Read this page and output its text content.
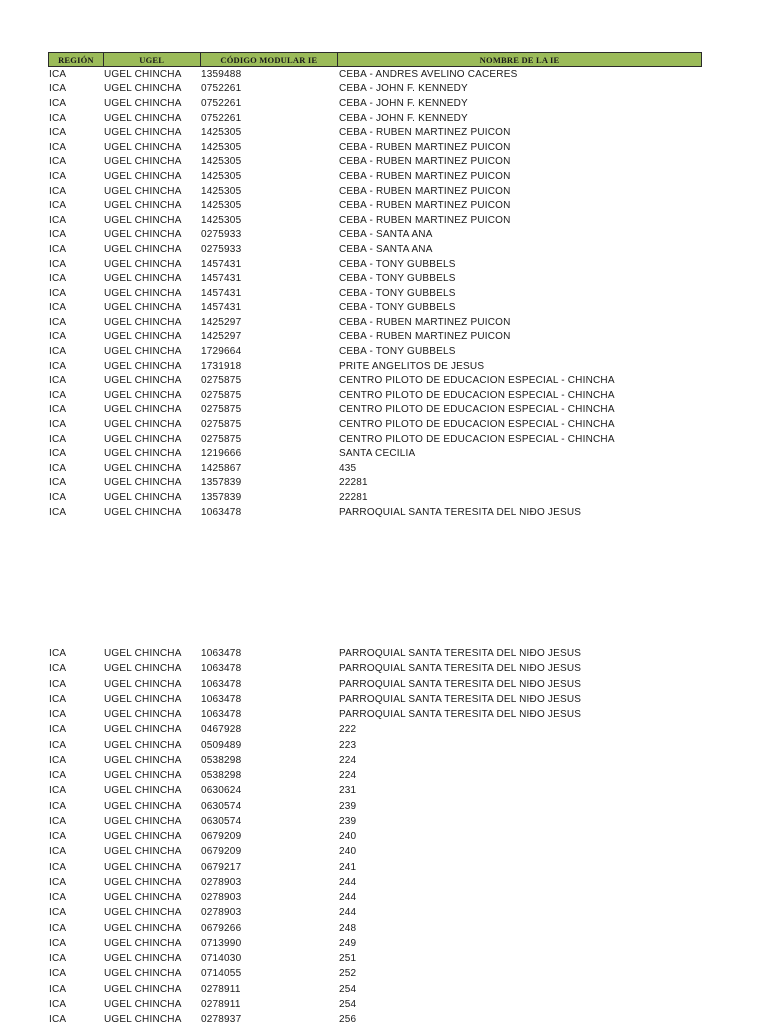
REGIÓN	UGEL	CÓDIGO MODULAR IE	NOMBRE DE LA IE
ICA	UGEL CHINCHA	1359488	CEBA - ANDRES AVELINO CACERES
ICA	UGEL CHINCHA	0752261	CEBA - JOHN F. KENNEDY
ICA	UGEL CHINCHA	0752261	CEBA - JOHN F. KENNEDY
ICA	UGEL CHINCHA	0752261	CEBA - JOHN F. KENNEDY
ICA	UGEL CHINCHA	1425305	CEBA - RUBEN MARTINEZ PUICON
ICA	UGEL CHINCHA	1425305	CEBA - RUBEN MARTINEZ PUICON
ICA	UGEL CHINCHA	1425305	CEBA - RUBEN MARTINEZ PUICON
ICA	UGEL CHINCHA	1425305	CEBA - RUBEN MARTINEZ PUICON
ICA	UGEL CHINCHA	1425305	CEBA - RUBEN MARTINEZ PUICON
ICA	UGEL CHINCHA	1425305	CEBA - RUBEN MARTINEZ PUICON
ICA	UGEL CHINCHA	1425305	CEBA - RUBEN MARTINEZ PUICON
ICA	UGEL CHINCHA	0275933	CEBA - SANTA ANA
ICA	UGEL CHINCHA	0275933	CEBA - SANTA ANA
ICA	UGEL CHINCHA	1457431	CEBA - TONY GUBBELS
ICA	UGEL CHINCHA	1457431	CEBA - TONY GUBBELS
ICA	UGEL CHINCHA	1457431	CEBA - TONY GUBBELS
ICA	UGEL CHINCHA	1457431	CEBA - TONY GUBBELS
ICA	UGEL CHINCHA	1425297	CEBA - RUBEN MARTINEZ PUICON
ICA	UGEL CHINCHA	1425297	CEBA - RUBEN MARTINEZ PUICON
ICA	UGEL CHINCHA	1729664	CEBA - TONY GUBBELS
ICA	UGEL CHINCHA	1731918	PRITE ANGELITOS DE JESUS
ICA	UGEL CHINCHA	0275875	CENTRO PILOTO DE EDUCACION ESPECIAL - CHINCHA
ICA	UGEL CHINCHA	0275875	CENTRO PILOTO DE EDUCACION ESPECIAL - CHINCHA
ICA	UGEL CHINCHA	0275875	CENTRO PILOTO DE EDUCACION ESPECIAL - CHINCHA
ICA	UGEL CHINCHA	0275875	CENTRO PILOTO DE EDUCACION ESPECIAL - CHINCHA
ICA	UGEL CHINCHA	0275875	CENTRO PILOTO DE EDUCACION ESPECIAL - CHINCHA
ICA	UGEL CHINCHA	1219666	SANTA CECILIA
ICA	UGEL CHINCHA	1425867	435
ICA	UGEL CHINCHA	1357839	22281
ICA	UGEL CHINCHA	1357839	22281
ICA	UGEL CHINCHA	1063478	PARROQUIAL SANTA TERESITA DEL NIÐO JESUS
ICA	UGEL CHINCHA	1063478	PARROQUIAL SANTA TERESITA DEL NIÐO JESUS
ICA	UGEL CHINCHA	1063478	PARROQUIAL SANTA TERESITA DEL NIÐO JESUS
ICA	UGEL CHINCHA	1063478	PARROQUIAL SANTA TERESITA DEL NIÐO JESUS
ICA	UGEL CHINCHA	1063478	PARROQUIAL SANTA TERESITA DEL NIÐO JESUS
ICA	UGEL CHINCHA	1063478	PARROQUIAL SANTA TERESITA DEL NIÐO JESUS
ICA	UGEL CHINCHA	0467928	222
ICA	UGEL CHINCHA	0509489	223
ICA	UGEL CHINCHA	0538298	224
ICA	UGEL CHINCHA	0538298	224
ICA	UGEL CHINCHA	0630624	231
ICA	UGEL CHINCHA	0630574	239
ICA	UGEL CHINCHA	0630574	239
ICA	UGEL CHINCHA	0679209	240
ICA	UGEL CHINCHA	0679209	240
ICA	UGEL CHINCHA	0679217	241
ICA	UGEL CHINCHA	0278903	244
ICA	UGEL CHINCHA	0278903	244
ICA	UGEL CHINCHA	0278903	244
ICA	UGEL CHINCHA	0679266	248
ICA	UGEL CHINCHA	0713990	249
ICA	UGEL CHINCHA	0714030	251
ICA	UGEL CHINCHA	0714055	252
ICA	UGEL CHINCHA	0278911	254
ICA	UGEL CHINCHA	0278911	254
ICA	UGEL CHINCHA	0278937	256
